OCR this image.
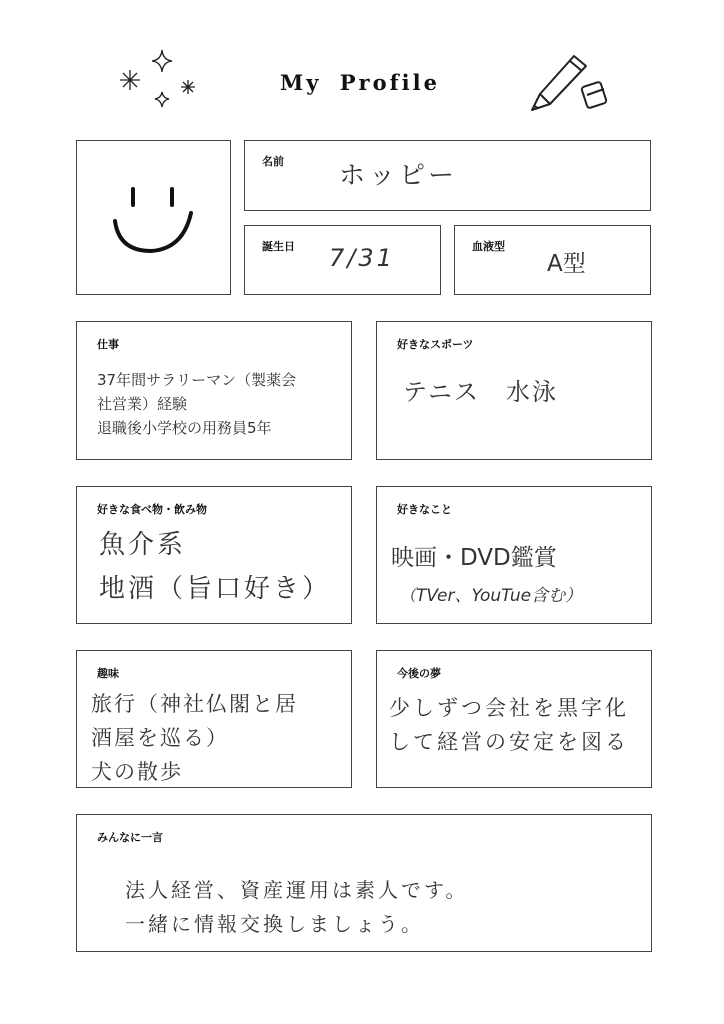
My Profile
名前 ホッピー
誕生日 7/31	血液型
A型
仕事
37年間サラリーマン（製薬会
社営業）経験
退職後小学校の用務員5年
好きなスポーツ
テニス　水泳
好きな食べ物・飲み物
魚介系
地酒（旨口好き）
好きなこと
映画・DVD鑑賞
（TVer、YouTue含む）
趣味
旅行（神社仏閣と居
酒屋を巡る）
犬の散歩
今後の夢
少しずつ会社を黒字化
して経営の安定を図る
みんなに一言
法人経営、資産運用は素人です。
一緒に情報交換しましょう。
